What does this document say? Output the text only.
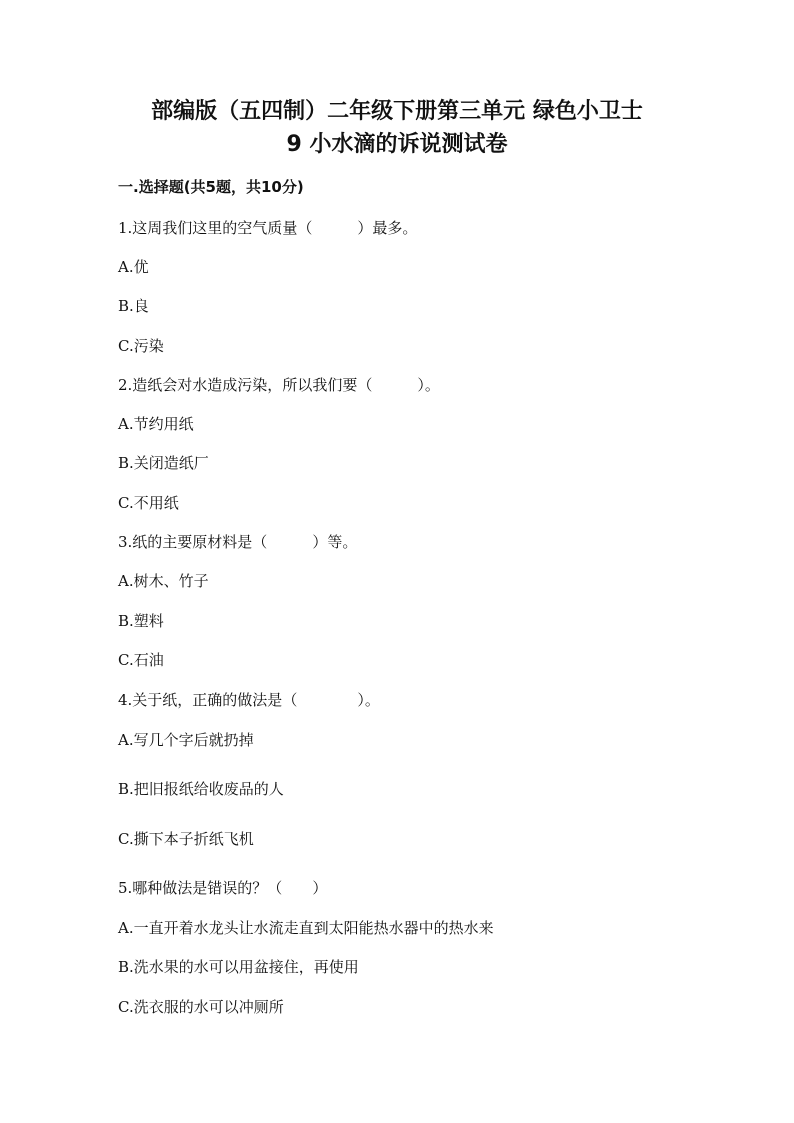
部编版（五四制）二年级下册第三单元 绿色小卫士
9 小水滴的诉说测试卷
一.选择题(共5题，共10分)
1.这周我们这里的空气质量（　　　）最多。
A.优
B.良
C.污染
2.造纸会对水造成污染，所以我们要（　　　）。
A.节约用纸
B.关闭造纸厂
C.不用纸
3.纸的主要原材料是（　　　）等。
A.树木、竹子
B.塑料
C.石油
4.关于纸，正确的做法是（　　　　）。
A.写几个字后就扔掉
B.把旧报纸给收废品的人
C.撕下本子折纸飞机
5.哪种做法是错误的？（　　）
A.一直开着水龙头让水流走直到太阳能热水器中的热水来
B.洗水果的水可以用盆接住，再使用
C.洗衣服的水可以冲厕所
